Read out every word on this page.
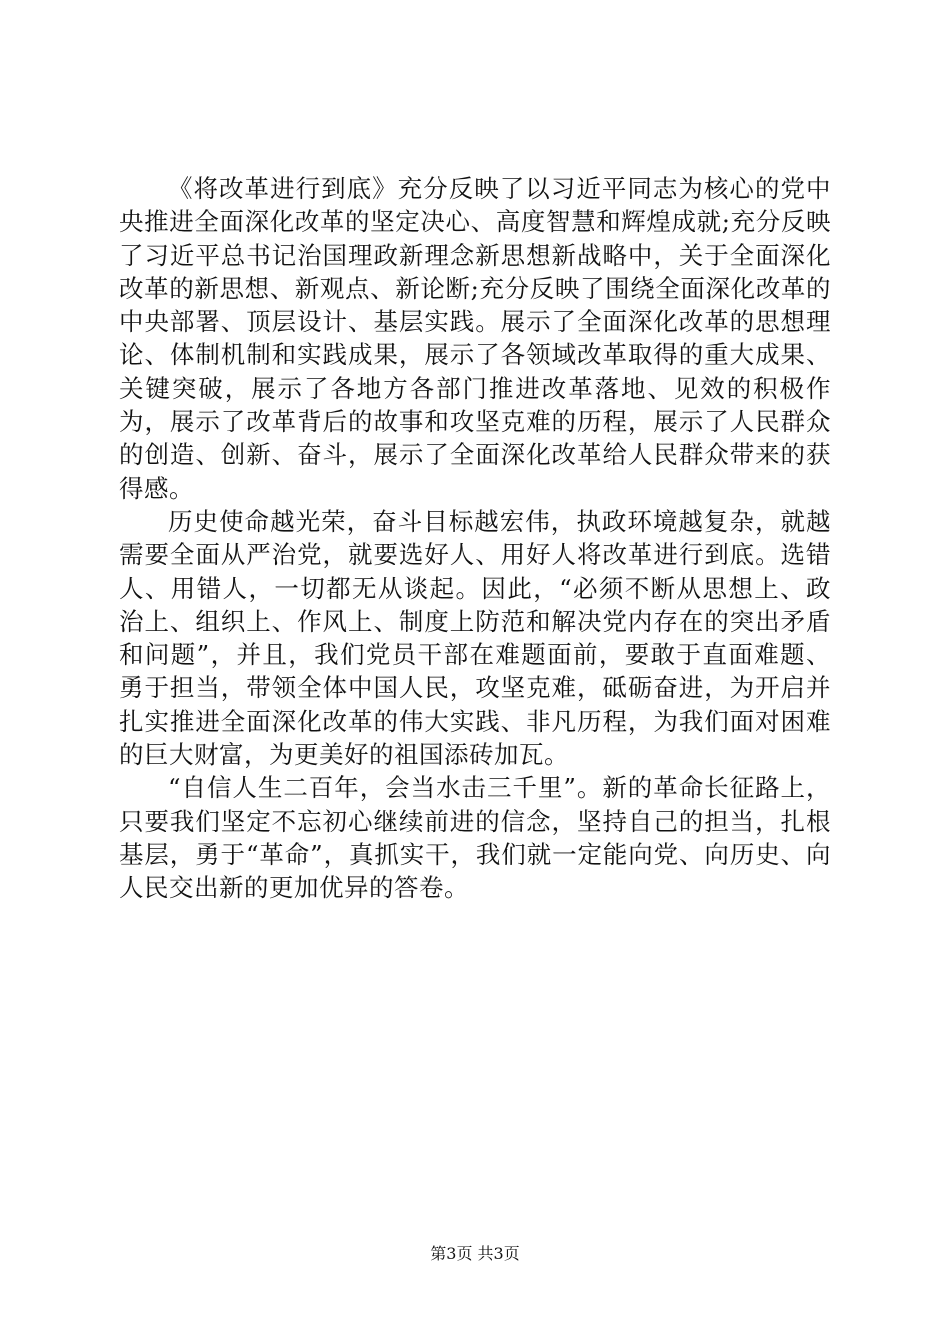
《将改革进行到底》充分反映了以习近平同志为核心的党中央推进全面深化改革的坚定决心、高度智慧和辉煌成就;充分反映了习近平总书记治国理政新理念新思想新战略中，关于全面深化改革的新思想、新观点、新论断;充分反映了围绕全面深化改革的中央部署、顶层设计、基层实践。展示了全面深化改革的思想理论、体制机制和实践成果，展示了各领域改革取得的重大成果、关键突破，展示了各地方各部门推进改革落地、见效的积极作为，展示了改革背后的故事和攻坚克难的历程，展示了人民群众的创造、创新、奋斗，展示了全面深化改革给人民群众带来的获得感。

历史使命越光荣，奋斗目标越宏伟，执政环境越复杂，就越需要全面从严治党，就要选好人、用好人将改革进行到底。选错人、用错人，一切都无从谈起。因此，“必须不断从思想上、政治上、组织上、作风上、制度上防范和解决党内存在的突出矛盾和问题”，并且，我们党员干部在难题面前，要敢于直面难题、勇于担当，带领全体中国人民，攻坚克难，砥砺奋进，为开启并扎实推进全面深化改革的伟大实践、非凡历程，为我们面对困难的巨大财富，为更美好的祖国添砖加瓦。

“自信人生二百年，会当水击三千里”。新的革命长征路上，只要我们坚定不忘初心继续前进的信念，坚持自己的担当，扎根基层，勇于“革命”，真抓实干，我们就一定能向党、向历史、向人民交出新的更加优异的答卷。

第3页 共3页
